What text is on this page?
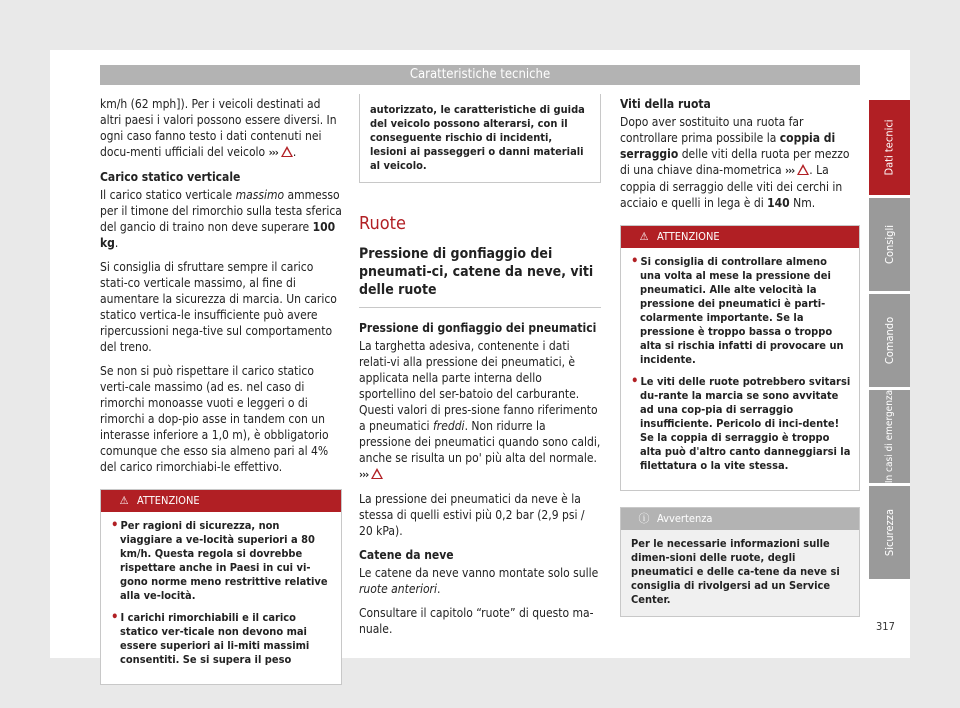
Caratteristiche tecniche

km/h (62 mph]). Per i veicoli destinati ad altri paesi i valori possono essere diversi. In ogni caso fanno testo i dati contenuti nei docu-menti ufficiali del veicolo ››› .

Carico statico verticale

Il carico statico verticale massimo ammesso per il timone del rimorchio sulla testa sferica del gancio di traino non deve superare 100 kg.

Si consiglia di sfruttare sempre il carico stati-co verticale massimo, al fine di aumentare la sicurezza di marcia. Un carico statico vertica-le insufficiente può avere ripercussioni nega-tive sul comportamento del treno.

Se non si può rispettare il carico statico verti-cale massimo (ad es. nel caso di rimorchi monoasse vuoti e leggeri o di rimorchi a dop-pio asse in tandem con un interasse inferiore a 1,0 m), è obbligatorio comunque che esso sia almeno pari al 4% del carico rimorchiabi-le effettivo.

⚠ ATTENZIONE

• Per ragioni di sicurezza, non viaggiare a ve-locità superiori a 80 km/h. Questa regola si dovrebbe rispettare anche in Paesi in cui vi-gono norme meno restrittive relative alla ve-locità.

• I carichi rimorchiabili e il carico statico ver-ticale non devono mai essere superiori ai li-miti massimi consentiti. Se si supera il peso

autorizzato, le caratteristiche di guida del veicolo possono alterarsi, con il conseguente rischio di incidenti, lesioni ai passeggeri o danni materiali al veicolo.

Ruote

Pressione di gonfiaggio dei pneumati-ci, catene da neve, viti delle ruote

Pressione di gonfiaggio dei pneumatici

La targhetta adesiva, contenente i dati relati-vi alla pressione dei pneumatici, è applicata nella parte interna dello sportellino del ser-batoio del carburante. Questi valori di pres-sione fanno riferimento a pneumatici freddi. Non ridurre la pressione dei pneumatici quando sono caldi, anche se risulta un po' più alta del normale. ›››

La pressione dei pneumatici da neve è la stessa di quelli estivi più 0,2 bar (2,9 psi / 20 kPa).

Catene da neve

Le catene da neve vanno montate solo sulle ruote anteriori.

Consultare il capitolo “ruote” di questo ma-nuale.

Viti della ruota

Dopo aver sostituito una ruota far controllare prima possibile la coppia di serraggio delle viti della ruota per mezzo di una chiave dina-mometrica ››› . La coppia di serraggio delle viti dei cerchi in acciaio e quelli in lega è di 140 Nm.

⚠ ATTENZIONE

• Si consiglia di controllare almeno una volta al mese la pressione dei pneumatici. Alle alte velocità la pressione dei pneumatici è parti-colarmente importante. Se la pressione è troppo bassa o troppo alta si rischia infatti di provocare un incidente.

• Le viti delle ruote potrebbero svitarsi du-rante la marcia se sono avvitate ad una cop-pia di serraggio insufficiente. Pericolo di inci-dente! Se la coppia di serraggio è troppo alta può d'altro canto danneggiarsi la filettatura o la vite stessa.

ⓘ Avvertenza
Per le necessarie informazioni sulle dimen-sioni delle ruote, degli pneumatici e delle ca-tene da neve si consiglia di rivolgersi ad un Service Center.
Dati tecnici
Consigli
Comando
In casi di emergenza
Sicurezza
317
